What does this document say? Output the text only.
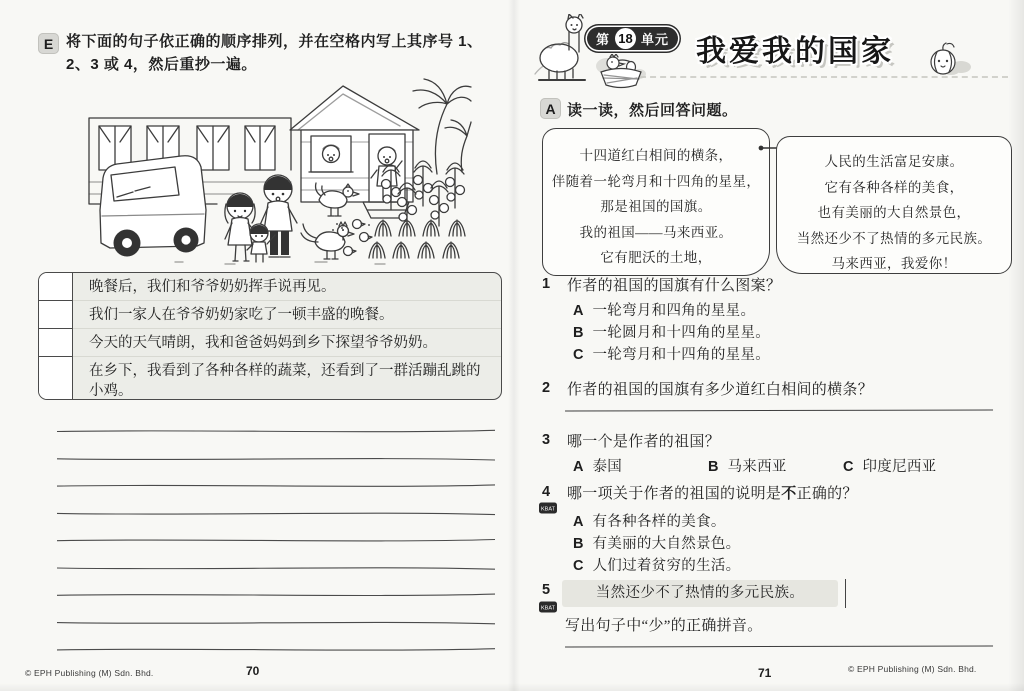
E 将下面的句子依正确的顺序排列，并在空格内写上其序号 1、2、3 或 4，然后重抄一遍。
晚餐后，我们和爷爷奶奶挥手说再见。
我们一家人在爷爷奶奶家吃了一顿丰盛的晚餐。
今天的天气晴朗，我和爸爸妈妈到乡下探望爷爷奶奶。
在乡下，我看到了各种各样的蔬菜，还看到了一群活蹦乱跳的小鸡。
© EPH Publishing (M) Sdn. Bhd.	70
第 18 单元 我爱我的国家
A 读一读，然后回答问题。
十四道红白相间的横条，
伴随着一轮弯月和十四角的星星，
那是祖国的国旗。
我的祖国——马来西亚。
它有肥沃的土地，
人民的生活富足安康。
它有各种各样的美食，
也有美丽的大自然景色，
当然还少不了热情的多元民族。
马来西亚，我爱你！
1 作者的祖国的国旗有什么图案？
A 一轮弯月和四角的星星。
B 一轮圆月和十四角的星星。
C 一轮弯月和十四角的星星。
2 作者的祖国的国旗有多少道红白相间的横条？
3 哪一个是作者的祖国？
A 泰国	B 马来西亚	C 印度尼西亚
4
KBAT
哪一项关于作者的祖国的说明是不正确的？
A 有各种各样的美食。
B 有美丽的大自然景色。
C 人们过着贫穷的生活。
5
KBAT
当然还少不了热情的多元民族。
写出句子中“少”的正确拼音。
71	© EPH Publishing (M) Sdn. Bhd.
